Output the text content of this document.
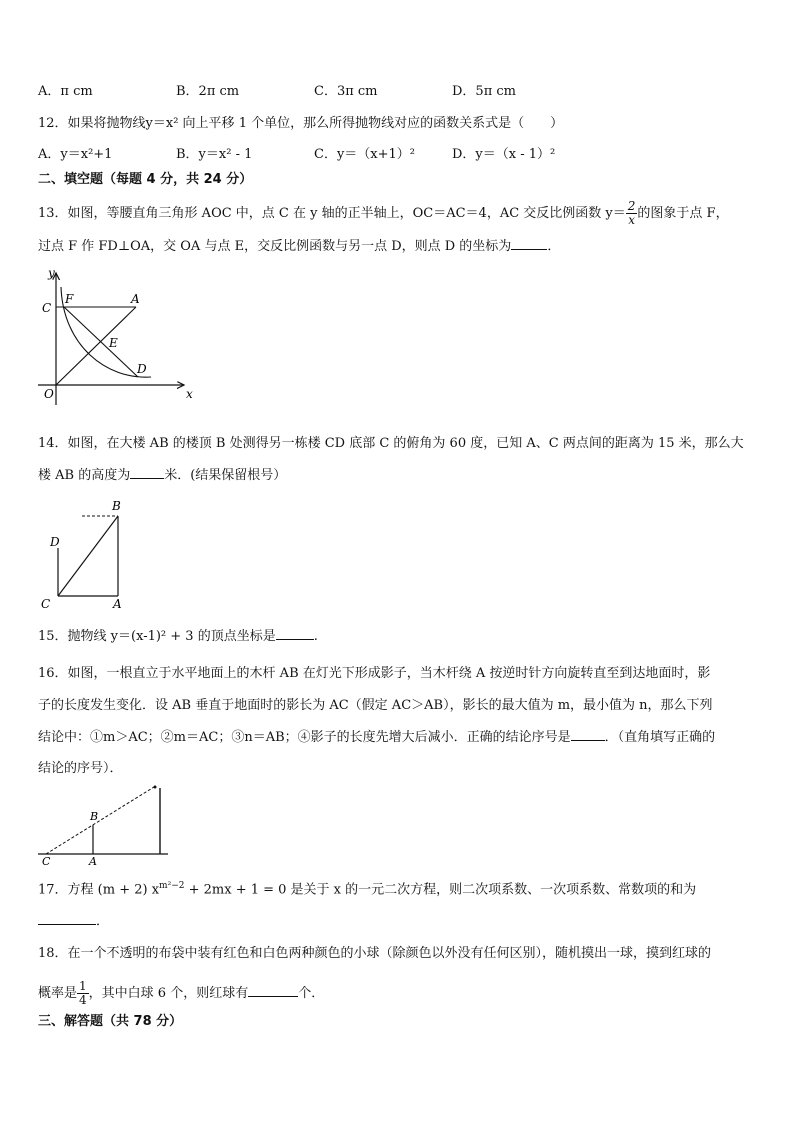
A．π cm	B．2π cm	C．3π cm	D．5π cm
12．如果将抛物线y＝x² 向上平移 1 个单位，那么所得抛物线对应的函数关系式是（　　）
A．y＝x²+1	B．y＝x² - 1	C．y＝（x+1）²	D．y＝（x - 1）²
二、填空题（每题 4 分，共 24 分）
13．如图，等腰直角三角形 AOC 中，点 C 在 y 轴的正半轴上，OC＝AC＝4，AC 交反比例函数 $y= \frac{2}{x}$ 的图象于点 F，
过点 F 作 FD⊥OA，交 OA 与点 E，交反比例函数与另一点 D，则点 D 的坐标为	．
y
x
C
F	A
E
D
O
14．如图，在大楼 AB 的楼顶 B 处测得另一栋楼 CD 底部 C 的俯角为 60 度，已知 A、C 两点间的距离为 15 米，那么大
楼 AB 的高度为	米．(结果保留根号）
B
D
C	A
15．抛物线 y＝(x-1)² + 3 的顶点坐标是	.
16．如图，一根直立于水平地面上的木杆 AB 在灯光下形成影子，当木杆绕 A 按逆时针方向旋转直至到达地面时，影
子的长度发生变化．设 AB 垂直于地面时的影长为 AC（假定 AC＞AB），影长的最大值为 m，最小值为 n，那么下列
结论中：①m＞AC；②m＝AC；③n＝AB；④影子的长度先增大后减小．正确的结论序号是	．（直角填写正确的
结论的序号）．
B
C	A
17．方程 (m + 2) $x^{m^2-2} + 2mx + 1 = 0$ 是关于 x 的一元二次方程，则二次项系数、一次项系数、常数项的和为
．
18．在一个不透明的布袋中装有红色和白色两种颜色的小球（除颜色以外没有任何区别），随机摸出一球，摸到红球的
概率是 $\frac{1}{4}$ ，其中白球 6 个，则红球有	个．
三、解答题（共 78 分）
